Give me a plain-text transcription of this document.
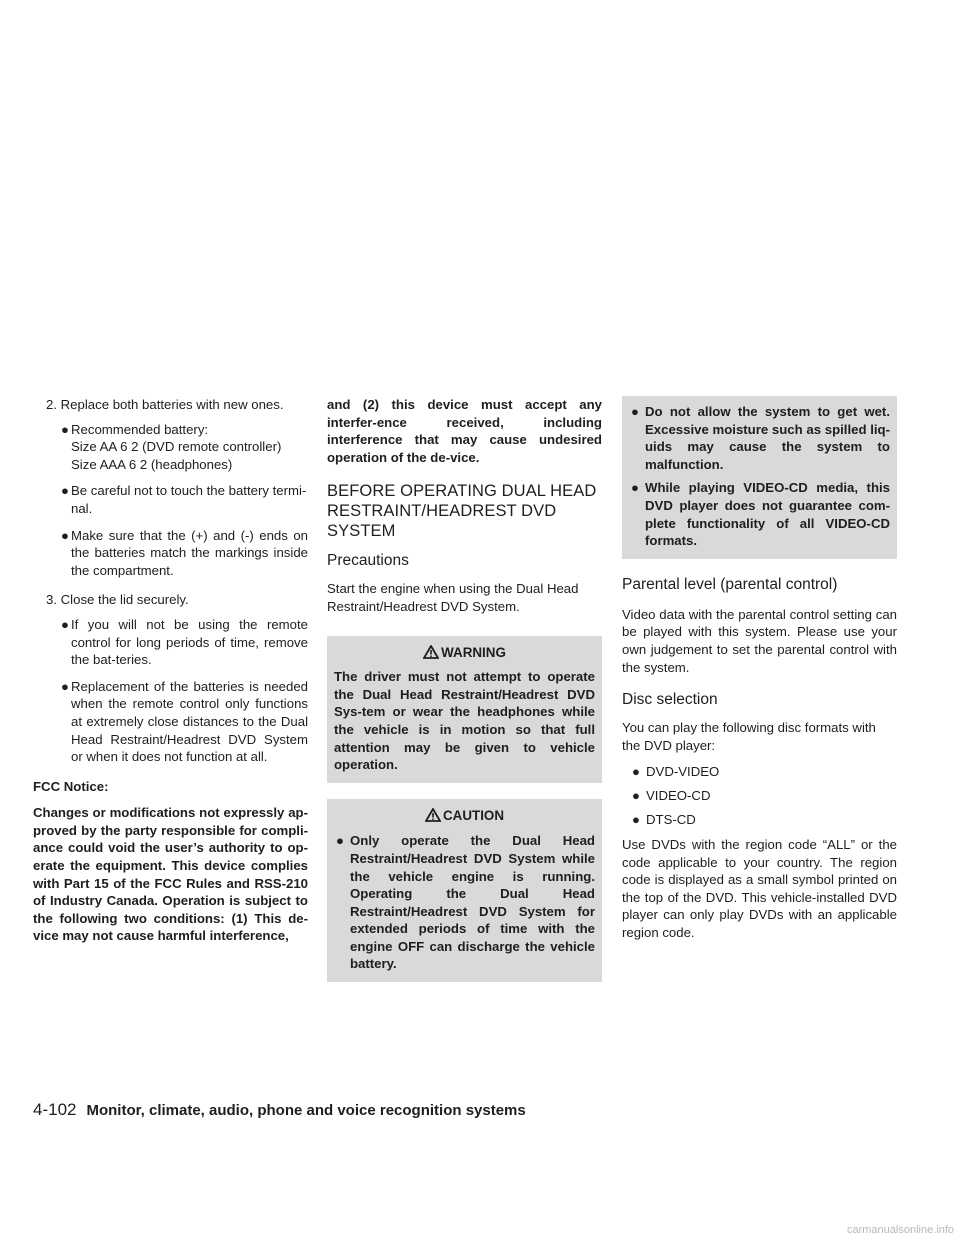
2. Replace both batteries with new ones.

● Recommended battery:
Size AA 6 2 (DVD remote controller)
Size AAA 6 2 (headphones)
● Be careful not to touch the battery termi-nal.
● Make sure that the (+) and (-) ends on the batteries match the markings inside the compartment.

3. Close the lid securely.

● If you will not be using the remote control for long periods of time, remove the bat-teries.
● Replacement of the batteries is needed when the remote control only functions at extremely close distances to the Dual Head Restraint/Headrest DVD System or when it does not function at all.

FCC Notice:

Changes or modifications not expressly ap-proved by the party responsible for compli-ance could void the user’s authority to op-erate the equipment. This device complies with Part 15 of the FCC Rules and RSS-210 of Industry Canada. Operation is subject to the following two conditions: (1) This de-vice may not cause harmful interference,

and (2) this device must accept any interfer-ence received, including interference that may cause undesired operation of the de-vice.

BEFORE OPERATING DUAL HEAD RESTRAINT/HEADREST DVD SYSTEM
Precautions

Start the engine when using the Dual Head Restraint/Headrest DVD System.

WARNING

The driver must not attempt to operate the Dual Head Restraint/Headrest DVD Sys-tem or wear the headphones while the vehicle is in motion so that full attention may be given to vehicle operation.

CAUTION
● Only operate the Dual Head Restraint/Headrest DVD System while the vehicle engine is running. Operating the Dual Head Restraint/Headrest DVD System for extended periods of time with the engine OFF can discharge the vehicle battery.
● Do not allow the system to get wet. Excessive moisture such as spilled liq-uids may cause the system to malfunction.
● While playing VIDEO-CD media, this DVD player does not guarantee com-plete functionality of all VIDEO-CD formats.
Parental level (parental control)

Video data with the parental control setting can be played with this system. Please use your own judgement to set the parental control with the system.

Disc selection

You can play the following disc formats with the DVD player:

● DVD-VIDEO
● VIDEO-CD
● DTS-CD

Use DVDs with the region code “ALL” or the code applicable to your country. The region code is displayed as a small symbol printed on the top of the DVD. This vehicle-installed DVD player can only play DVDs with an applicable region code.

4-102 Monitor, climate, audio, phone and voice recognition systems
carmanualsonline.info
